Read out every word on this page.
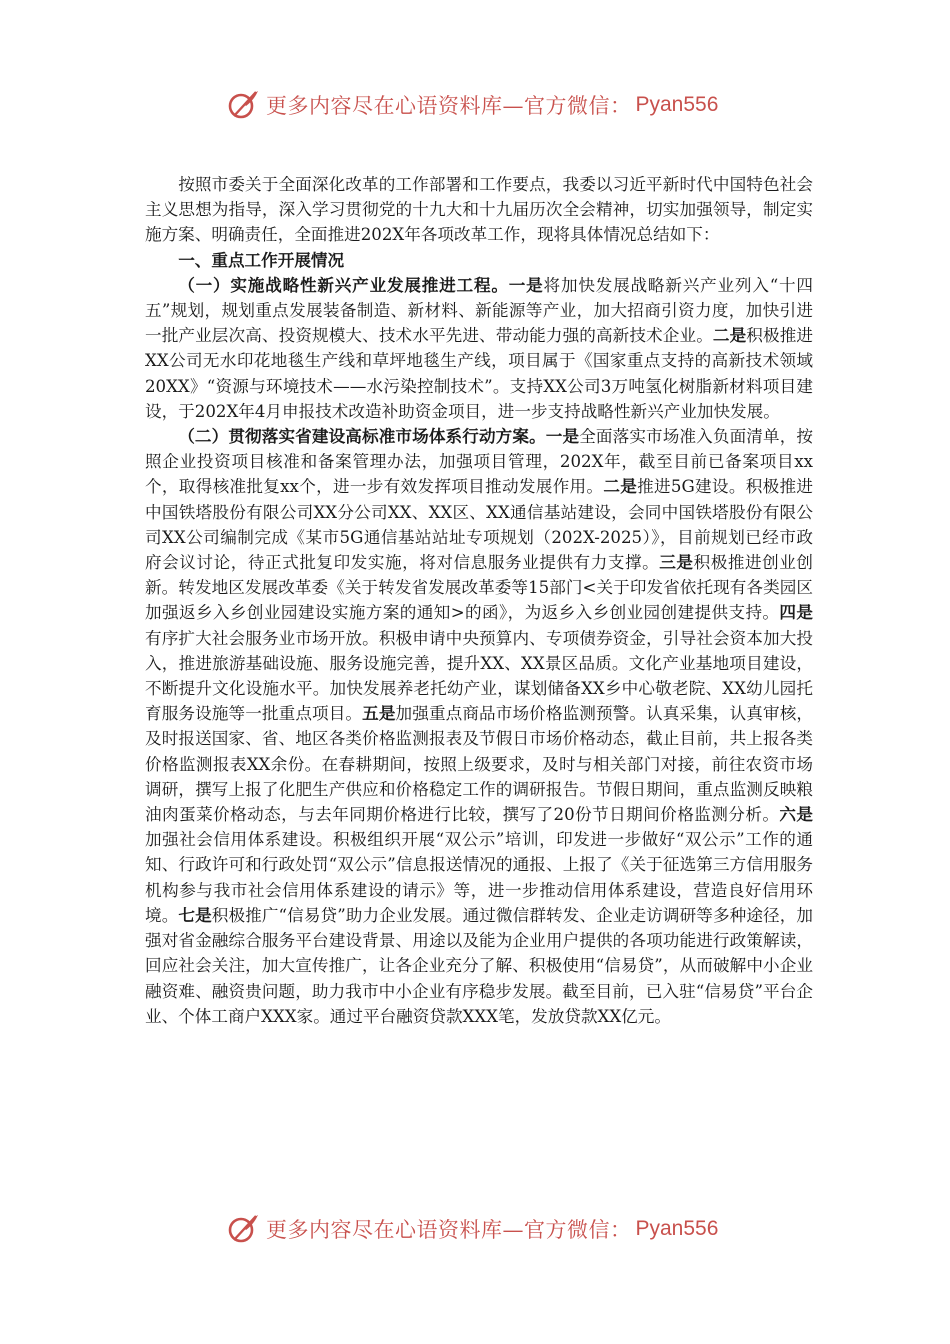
更多内容尽在心语资料库—官方微信： Pyan556

按照市委关于全面深化改革的工作部署和工作要点，我委以习近平新时代中国特色社会主义思想为指导，深入学习贯彻党的十九大和十九届历次全会精神，切实加强领导，制定实施方案、明确责任，全面推进202X年各项改革工作，现将具体情况总结如下：

一、重点工作开展情况

（一）实施战略性新兴产业发展推进工程。一是将加快发展战略新兴产业列入“十四五”规划，规划重点发展装备制造、新材料、新能源等产业，加大招商引资力度，加快引进一批产业层次高、投资规模大、技术水平先进、带动能力强的高新技术企业。二是积极推进XX公司无水印花地毯生产线和草坪地毯生产线，项目属于《国家重点支持的高新技术领域20XX》“资源与环境技术——水污染控制技术”。支持XX公司3万吨氢化树脂新材料项目建设，于202X年4月申报技术改造补助资金项目，进一步支持战略性新兴产业加快发展。

（二）贯彻落实省建设高标准市场体系行动方案。一是全面落实市场准入负面清单，按照企业投资项目核准和备案管理办法，加强项目管理，202X年，截至目前已备案项目xx个，取得核准批复xx个，进一步有效发挥项目推动发展作用。二是推进5G建设。积极推进中国铁塔股份有限公司XX分公司XX、XX区、XX通信基站建设，会同中国铁塔股份有限公司XX公司编制完成《某市5G通信基站站址专项规划（202X-2025）》，目前规划已经市政府会议讨论，待正式批复印发实施，将对信息服务业提供有力支撑。三是积极推进创业创新。转发地区发展改革委《关于转发省发展改革委等15部门<关于印发省依托现有各类园区加强返乡入乡创业园建设实施方案的通知>的函》，为返乡入乡创业园创建提供支持。四是有序扩大社会服务业市场开放。积极申请中央预算内、专项债券资金，引导社会资本加大投入，推进旅游基础设施、服务设施完善，提升XX、XX景区品质。文化产业基地项目建设，不断提升文化设施水平。加快发展养老托幼产业，谋划储备XX乡中心敬老院、XX幼儿园托育服务设施等一批重点项目。五是加强重点商品市场价格监测预警。认真采集，认真审核，及时报送国家、省、地区各类价格监测报表及节假日市场价格动态，截止目前，共上报各类价格监测报表XX余份。在春耕期间，按照上级要求，及时与相关部门对接，前往农资市场调研，撰写上报了化肥生产供应和价格稳定工作的调研报告。节假日期间，重点监测反映粮油肉蛋菜价格动态，与去年同期价格进行比较，撰写了20份节日期间价格监测分析。六是加强社会信用体系建设。积极组织开展“双公示”培训，印发进一步做好“双公示”工作的通知、行政许可和行政处罚“双公示”信息报送情况的通报、上报了《关于征选第三方信用服务机构参与我市社会信用体系建设的请示》等，进一步推动信用体系建设，营造良好信用环境。七是积极推广“信易贷”助力企业发展。通过微信群转发、企业走访调研等多种途径，加强对省金融综合服务平台建设背景、用途以及能为企业用户提供的各项功能进行政策解读，回应社会关注，加大宣传推广，让各企业充分了解、积极使用“信易贷”，从而破解中小企业融资难、融资贵问题，助力我市中小企业有序稳步发展。截至目前，已入驻“信易贷”平台企业、个体工商户XXX家。通过平台融资贷款XXX笔，发放贷款XX亿元。

更多内容尽在心语资料库—官方微信： Pyan556
